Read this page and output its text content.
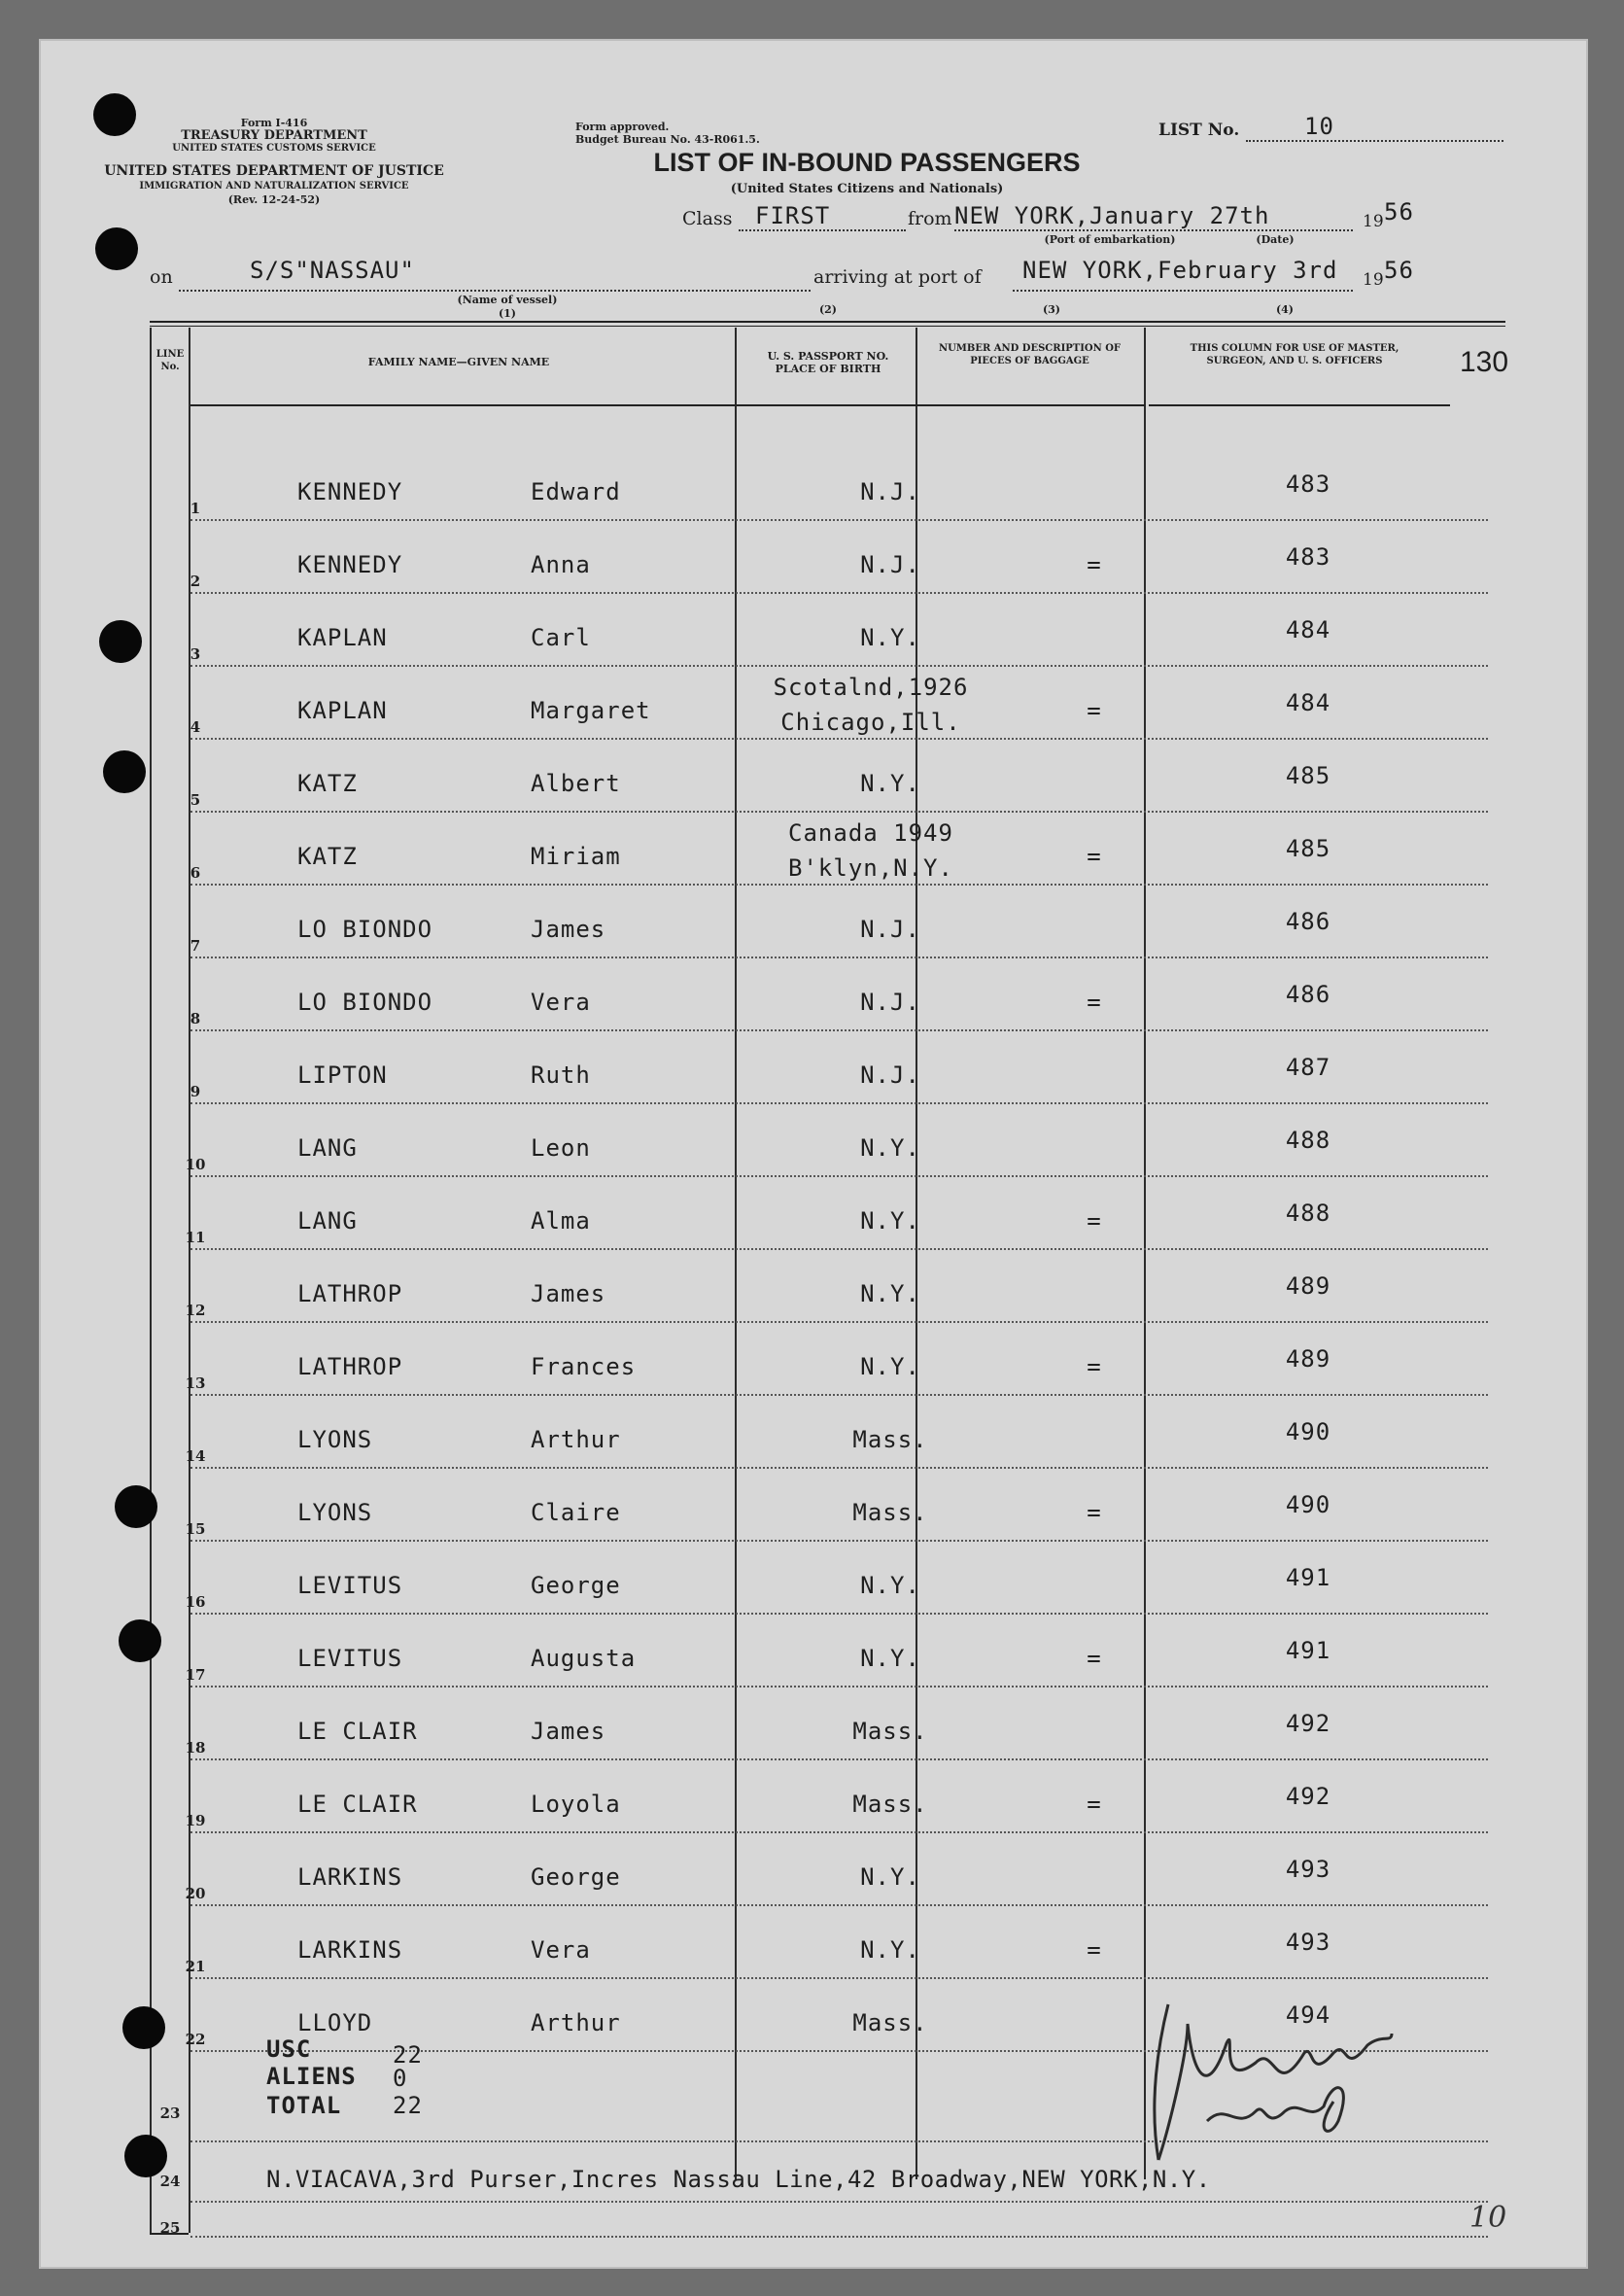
Form I-416
TREASURY DEPARTMENT
UNITED STATES CUSTOMS SERVICE
UNITED STATES DEPARTMENT OF JUSTICE
IMMIGRATION AND NATURALIZATION SERVICE
(Rev. 12-24-52)
Form approved.
Budget Bureau No. 43-R061.5.	LIST No.	10
LIST OF IN-BOUND PASSENGERS
(United States Citizens and Nationals)
Class FIRST	from NEW YORK,January 27th	19 56
(Port of embarkation)	(Date)
on	S/S"NASSAU"	arriving at port of NEW YORK,February 3rd 19 56
(Name of vessel)
(1)	(2)	(3)	(4)
LINE No.	FAMILY NAME—GIVEN NAME	U. S. PASSPORT NO. PLACE OF BIRTH
NUMBER AND DESCRIPTION OF PIECES OF BAGGAGE
THIS COLUMN FOR USE OF MASTER, SURGEON, AND U. S. OFFICERS	130
1
KENNEDY	Edward	N.J.	483
2
KENNEDY	Anna	N.J.	=	483
3
KAPLAN	Carl	N.Y.	484
4
KAPLAN	Margaret
Scotalnd,1926
Chicago,Ill.	=	484
5
KATZ	Albert	N.Y.	485
6
KATZ	Miriam
Canada 1949
B'klyn,N.Y.	=	485
7
LO BIONDO	James	N.J.	486
8
LO BIONDO	Vera	N.J.	=	486
9
LIPTON	Ruth	N.J.	487
10
LANG	Leon	N.Y.	488
11
LANG	Alma	N.Y.	=	488
12
LATHROP	James	N.Y.	489
13
LATHROP	Frances	N.Y.	=	489
14
LYONS	Arthur	Mass.	490
15
LYONS	Claire	Mass.	=	490
16
LEVITUS	George	N.Y.	491
17
LEVITUS	Augusta	N.Y.	=	491
18
LE CLAIR	James	Mass.	492
19
LE CLAIR	Loyola	Mass.	=	492
20
LARKINS	George	N.Y.	493
21
LARKINS	Vera	N.Y.	=	493
22
LLOYD	Arthur	Mass.	494
USC	22
ALIENS 0
TOTAL 22
23
24
25
N.VIACAVA,3rd Purser,Incres Nassau Line,42 Broadway,NEW YORK,N.Y.
10
